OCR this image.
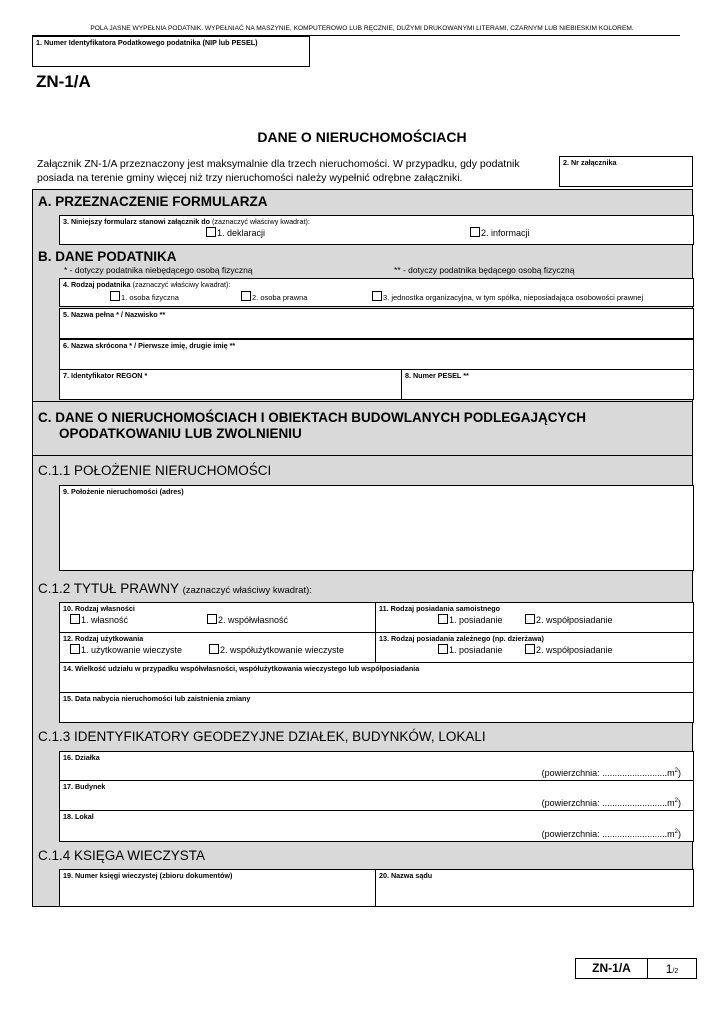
POLA JASNE WYPEŁNIA PODATNIK. WYPEŁNIAĆ NA MASZYNIE, KOMPUTEROWO LUB RĘCZNIE, DUŻYMI DRUKOWANYMI LITERAMI, CZARNYM LUB NIEBIESKIM KOLOREM.
1. Numer Identyfikatora Podatkowego podatnika (NIP lub PESEL)
ZN-1/A
DANE O NIERUCHOMOŚCIACH
Załącznik ZN-1/A przeznaczony jest maksymalnie dla trzech nieruchomości. W przypadku, gdy podatnik
posiada na terenie gminy więcej niż trzy nieruchomości należy wypełnić odrębne załączniki.
2. Nr załącznika
A. PRZEZNACZENIE FORMULARZA
3. Niniejszy formularz stanowi załącznik do (zaznaczyć właściwy kwadrat):
1. deklaracji	2. informacji
B. DANE PODATNIKA
* - dotyczy podatnika niebędącego osobą fizyczną	** - dotyczy podatnika będącego osobą fizyczną
4. Rodzaj podatnika (zaznaczyć właściwy kwadrat):
1. osoba fizyczna	2. osoba prawna	3. jednostka organizacyjna, w tym spółka, nieposiadająca osobowości prawnej
5. Nazwa pełna * / Nazwisko **
6. Nazwa skrócona * / Pierwsze imię, drugie imię **
7. Identyfikator REGON *	8. Numer PESEL **
C. DANE O NIERUCHOMOŚCIACH I OBIEKTACH BUDOWLANYCH PODLEGAJĄCYCH
OPODATKOWANIU LUB ZWOLNIENIU
C.1.1 POŁOŻENIE NIERUCHOMOŚCI
9. Położenie nieruchomości (adres)
C.1.2 TYTUŁ PRAWNY (zaznaczyć właściwy kwadrat):
10. Rodzaj własności
1. własność	2. współwłasność
11. Rodzaj posiadania samoistnego
1. posiadanie	2. współposiadanie
12. Rodzaj użytkowania
1. użytkowanie wieczyste	2. współużytkowanie wieczyste
13. Rodzaj posiadania zależnego (np. dzierżawa)
1. posiadanie	2. współposiadanie
14. Wielkość udziału w przypadku współwłasności, współużytkowania wieczystego lub współposiadania
15. Data nabycia nieruchomości lub zaistnienia zmiany
C.1.3 IDENTYFIKATORY GEODEZYJNE DZIAŁEK, BUDYNKÓW, LOKALI
16. Działka
(powierzchnia: $..........................m^2$)
17. Budynek
(powierzchnia: $..........................m^2$)
18. Lokal
(powierzchnia: $..........................m^2$)
C.1.4 KSIĘGA WIECZYSTA
19. Numer księgi wieczystej (zbioru dokumentów)	20. Nazwa sądu
ZN-1/A	1/2
